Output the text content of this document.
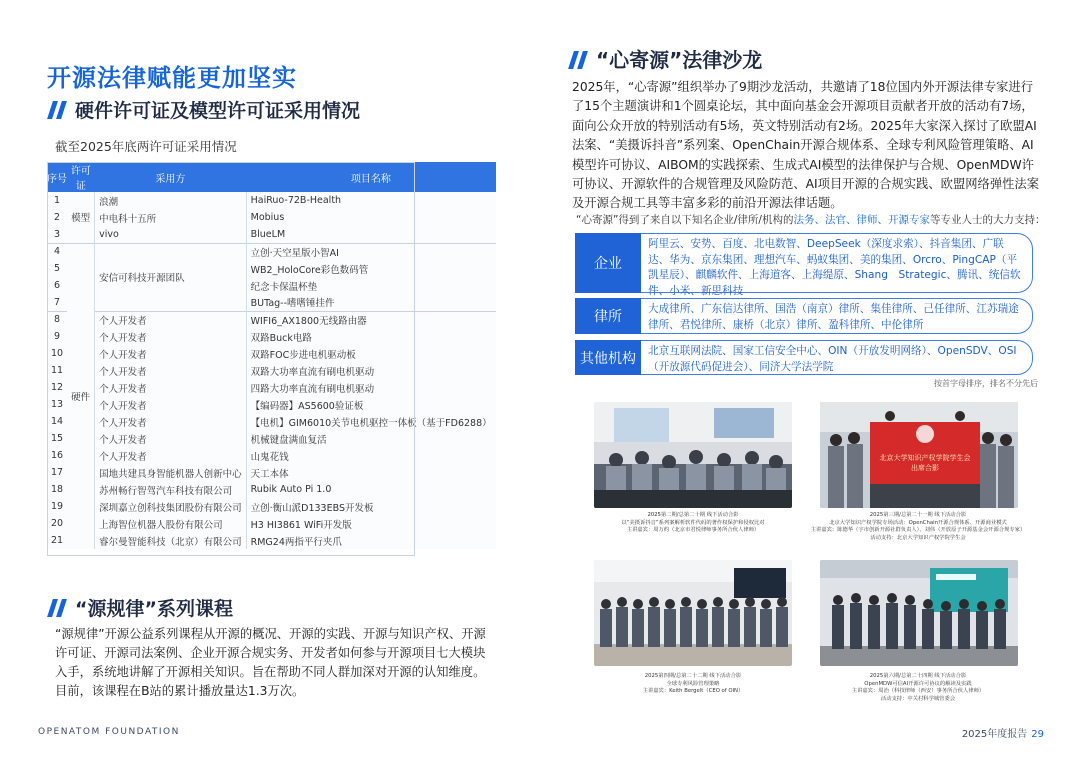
开源法律赋能更加坚实
硬件许可证及模型许可证采用情况
截至2025年底两许可证采用情况
序号	许可证	采用方	项目名称
1	模型	浪潮	HaiRuo-72B-Health
2		中电科十五所	Mobius
3		vivo	BlueLM
4	硬件	安信可科技开源团队	立创·天空星版小智AI
5			WB2_HoloCore彩色数码管
6			纪念卡保温杯垫
7			BUTag--嗜嗜锤挂件
8		个人开发者	WIFI6_AX1800无线路由器
9		个人开发者	双路Buck电路
10		个人开发者	双路FOC步进电机驱动板
11		个人开发者	双路大功率直流有刷电机驱动
12		个人开发者	四路大功率直流有刷电机驱动
13		个人开发者	【编码器】AS5600验证板
14		个人开发者	【电机】GIM6010关节电机驱控一体板（基于FD6288）
15		个人开发者	机械键盘满血复活
16		个人开发者	山鬼花钱
17		国地共建具身智能机器人创新中心	天工本体
18		苏州畅行智驾汽车科技有限公司	Rubik Auto Pi 1.0
19		深圳嘉立创科技集团股份有限公司	立创·衡山派D133EBS开发板
20		上海智位机器人股份有限公司	H3 HI3861 WiFi开发版
21		睿尔曼智能科技（北京）有限公司	RMG24两指平行夹爪
“源规律”系列课程
“源规律”开源公益系列课程从开源的概况、开源的实践、开源与知识产权、开源许可证、开源司法案例、企业开源合规实务、开发者如何参与开源项目七大模块入手，系统地讲解了开源相关知识。旨在帮助不同人群加深对开源的认知维度。目前，该课程在B站的累计播放量达1.3万次。
OPENATOM FOUNDATION
“心寄源”法律沙龙
2025年，“心寄源”组织举办了9期沙龙活动，共邀请了18位国内外开源法律专家进行了15个主题演讲和1个圆桌论坛，其中面向基金会开源项目贡献者开放的活动有7场，面向公众开放的特别活动有5场，英文特别活动有2场。2025年大家深入探讨了欧盟AI法案、“美摄诉抖音”系列案、OpenChain开源合规体系、全球专利风险管理策略、AI模型许可协议、AIBOM的实践探索、生成式AI模型的法律保护与合规、OpenMDW许可协议、开源软件的合规管理及风险防范、AI项目开源的合规实践、欧盟网络弹性法案及开源合规工具等丰富多彩的前沿开源法律话题。
“心寄源”得到了来自以下知名企业/律所/机构的法务、法官、律师、开源专家等专业人士的大力支持：
阿里云、安势、百度、北电数智、DeepSeek（深度求索）、抖音集团、广联达、华为、京东集团、理想汽车、蚂蚁集团、美的集团、Orcro、PingCAP（平凯星辰）、麒麟软件、上海道客、上海缇原、Shang　Strategic、腾讯、统信软件、小米、新思科技
企业
大成律所、广东信达律所、国浩（南京）律所、集佳律所、己任律所、江苏瑞途律所、君悦律所、康桥（北京）律所、盈科律所、中伦律所
律所
北京互联网法院、国家工信安全中心、OIN（开放发明网络）、OpenSDV、OSI（开放源代码促进会）、同济大学法学院
其他机构
按首字母排序，排名不分先后
2025第二期/总第二十期 线下活动合影
以“美摄诉抖音”系列案解析软件代码的著作权保护和侵权比对
主讲嘉宾：周万约（北京市君悦律师事务所合伙人律师）
北京大学知识产权学院学生会
出席合影
2025第三期/总第二十一期 线下活动合影
北京大学知识产权学院专场活动：OpenChain开源合规体系、开源商业模式
主讲嘉宾：陈德华（宇市创新开源社群负责人）、刘伟（开放原子开源基金会开源合规专家）
活动支持：北京大学知识产权学院学生会
2025第四期/总第二十二期 线下活动合影
全球专利风险管理策略
主讲嘉宾：Keith Bergelt（CEO of OIN）
2025第六期/总第二十四期 线下活动合影
OpenMDW可信AI开源许可协议的解读及实践
主讲嘉宾：周治（科技律师（西安）事务所合伙人律师）
活动支持：中关村科学城管委会
2025年度报告 29
